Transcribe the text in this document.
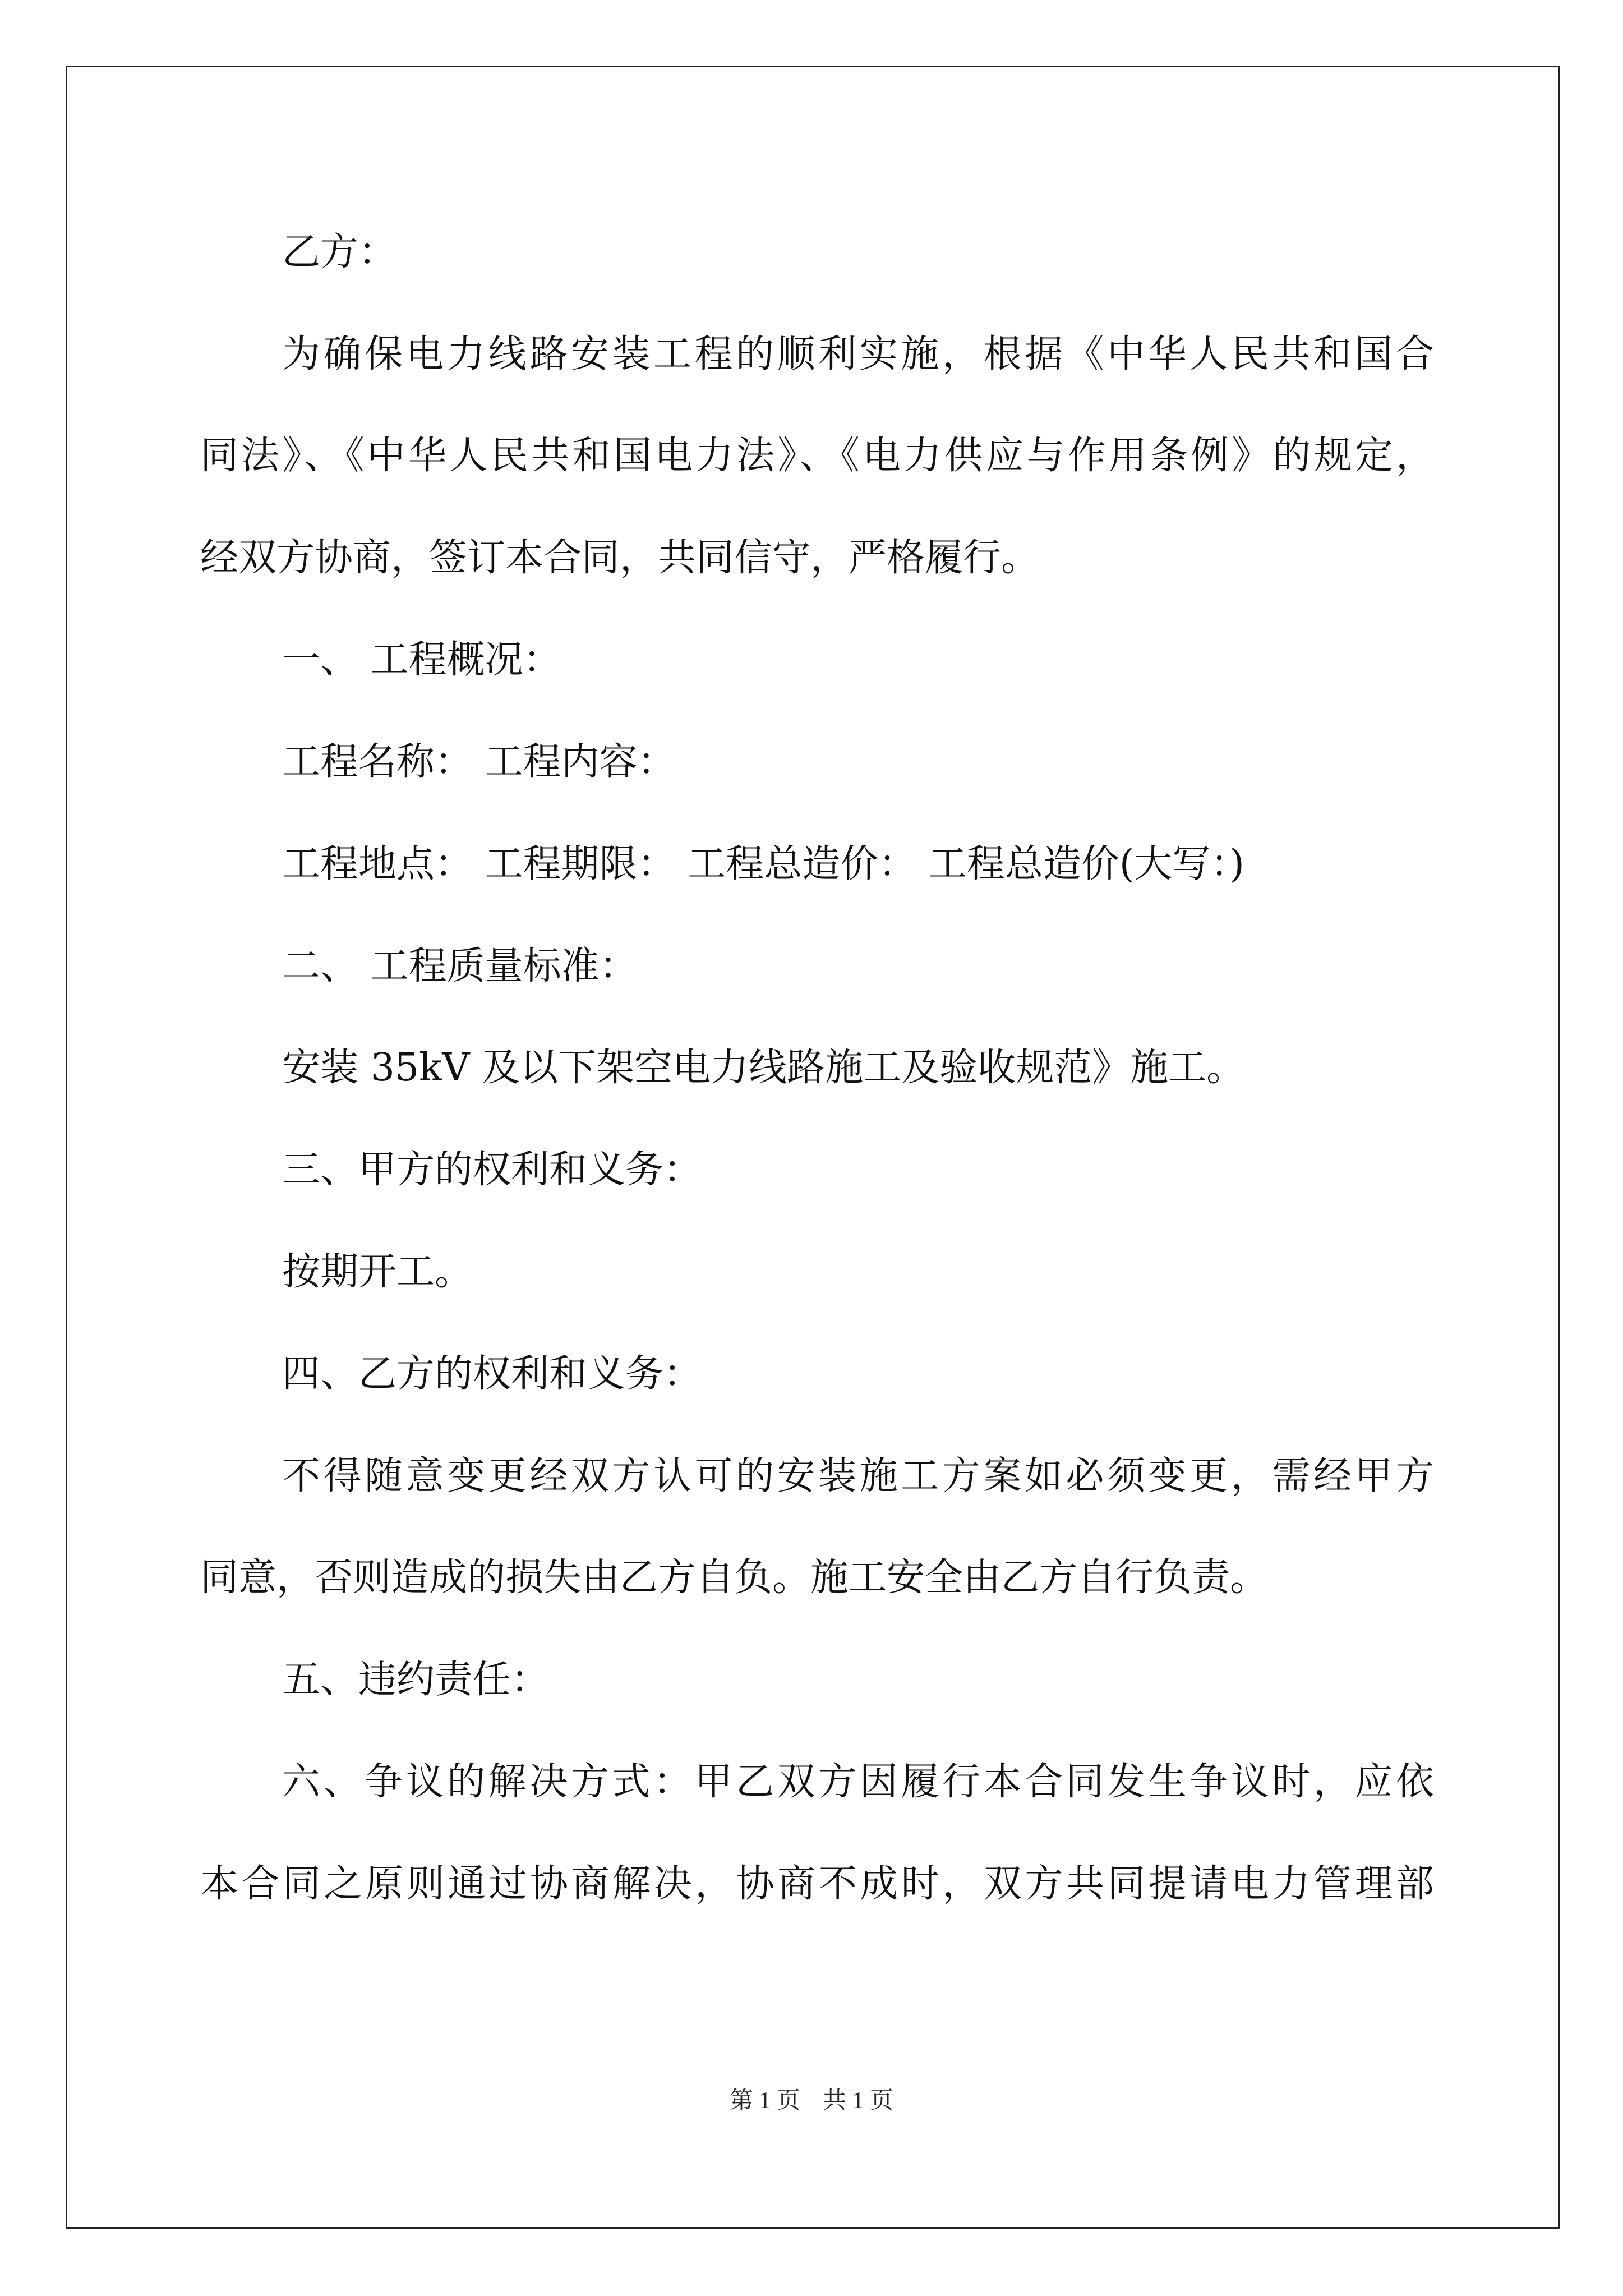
乙方：
为确保电力线路安装工程的顺利实施，根据《中华人民共和国合
同法》、《中华人民共和国电力法》、《电力供应与作用条例》的规定，
经双方协商，签订本合同，共同信守，严格履行。
一、 工程概况：
工程名称： 工程内容：
工程地点： 工程期限： 工程总造价： 工程总造价(大写：)
二、 工程质量标准：
安装 35kV 及以下架空电力线路施工及验收规范》施工。
三、甲方的权利和义务：
按期开工。
四、乙方的权利和义务：
不得随意变更经双方认可的安装施工方案如必须变更，需经甲方
同意，否则造成的损失由乙方自负。施工安全由乙方自行负责。
五、违约责任：
六、争议的解决方式：甲乙双方因履行本合同发生争议时，应依
本合同之原则通过协商解决，协商不成时，双方共同提请电力管理部
第 1 页 共 1 页
